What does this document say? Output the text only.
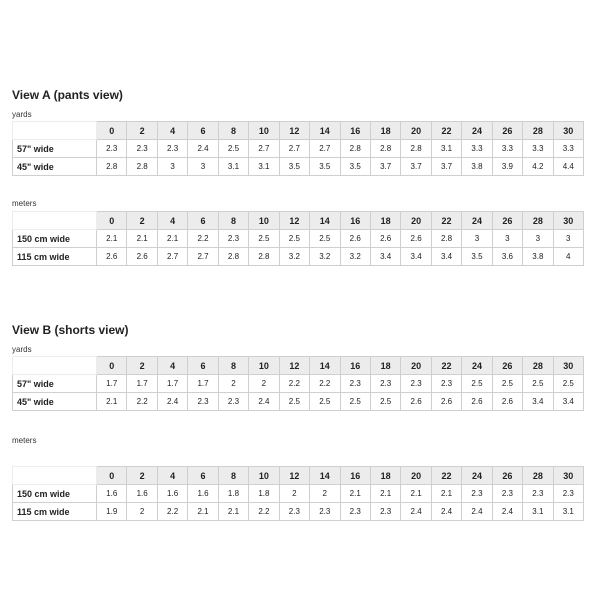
View A (pants view)
yards
	0	2	4	6	8	10	12	14	16	18	20	22	24	26	28	30
57" wide	2.3	2.3	2.3	2.4	2.5	2.7	2.7	2.7	2.8	2.8	2.8	3.1	3.3	3.3	3.3	3.3
45" wide	2.8	2.8	3	3	3.1	3.1	3.5	3.5	3.5	3.7	3.7	3.7	3.8	3.9	4.2	4.4
meters
	0	2	4	6	8	10	12	14	16	18	20	22	24	26	28	30
150 cm wide	2.1	2.1	2.1	2.2	2.3	2.5	2.5	2.5	2.6	2.6	2.6	2.8	3	3	3	3
115 cm wide	2.6	2.6	2.7	2.7	2.8	2.8	3.2	3.2	3.2	3.4	3.4	3.4	3.5	3.6	3.8	4
View B (shorts view)
yards
	0	2	4	6	8	10	12	14	16	18	20	22	24	26	28	30
57" wide	1.7	1.7	1.7	1.7	2	2	2.2	2.2	2.3	2.3	2.3	2.3	2.5	2.5	2.5	2.5
45" wide	2.1	2.2	2.4	2.3	2.3	2.4	2.5	2.5	2.5	2.5	2.6	2.6	2.6	2.6	3.4	3.4
meters
	0	2	4	6	8	10	12	14	16	18	20	22	24	26	28	30
150 cm wide	1.6	1.6	1.6	1.6	1.8	1.8	2	2	2.1	2.1	2.1	2.1	2.3	2.3	2.3	2.3
115 cm wide	1.9	2	2.2	2.1	2.1	2.2	2.3	2.3	2.3	2.3	2.4	2.4	2.4	2.4	3.1	3.1
